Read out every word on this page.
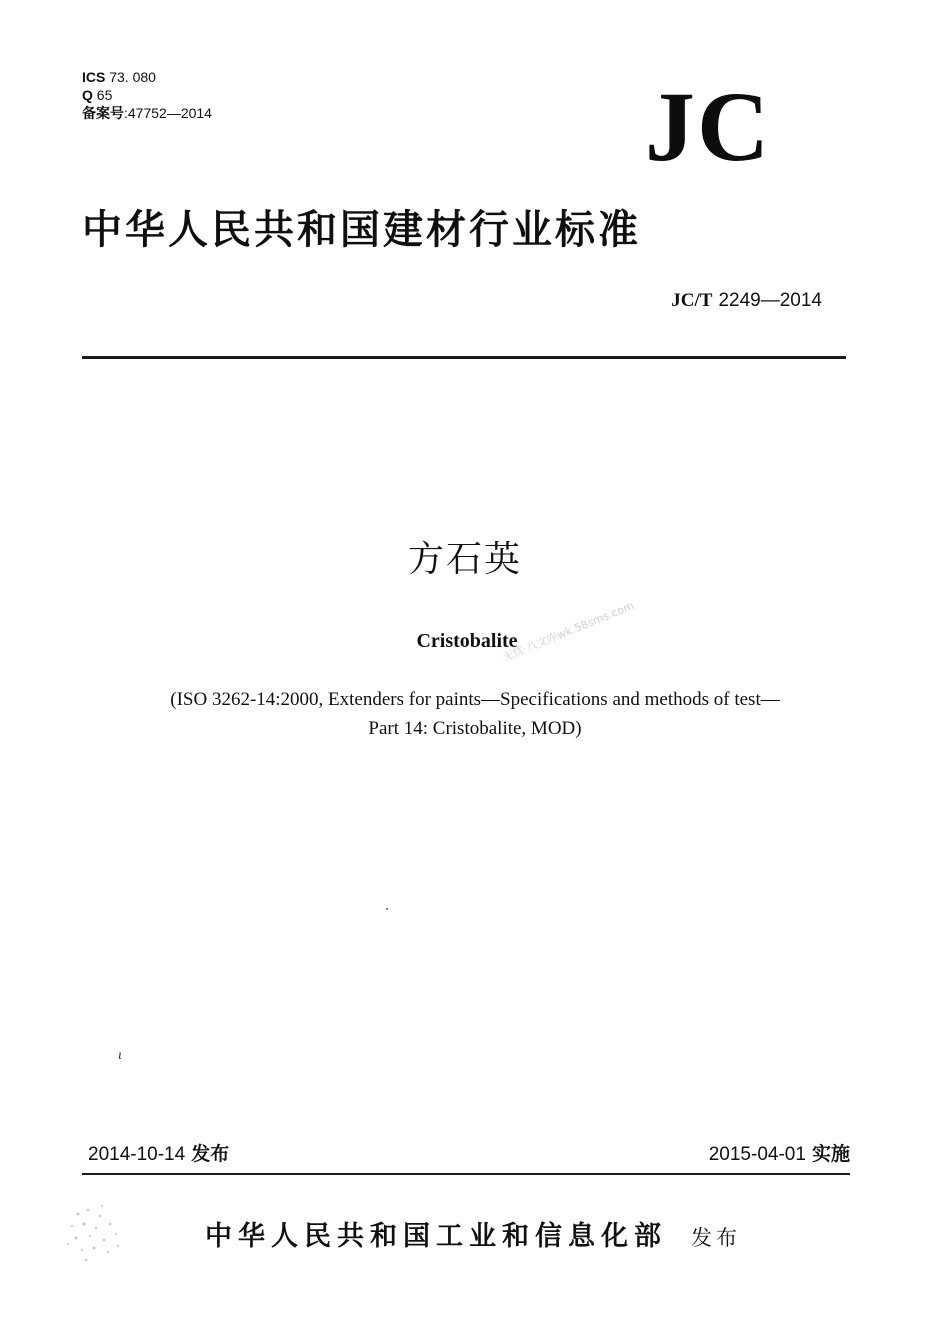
ICS 73. 080
Q 65
备案号:47752—2014	JC
中华人民共和国建材行业标准
JC/T 2249—2014
方石英
Cristobalite
无忧·八文库wk.58sms.com
(ISO 3262-14:2000, Extenders for paints—Specifications and methods of test—
Part 14: Cristobalite, MOD)
ɩ
2014-10-14 发布	2015-04-01 实施
中华人民共和国工业和信息化部 发布
